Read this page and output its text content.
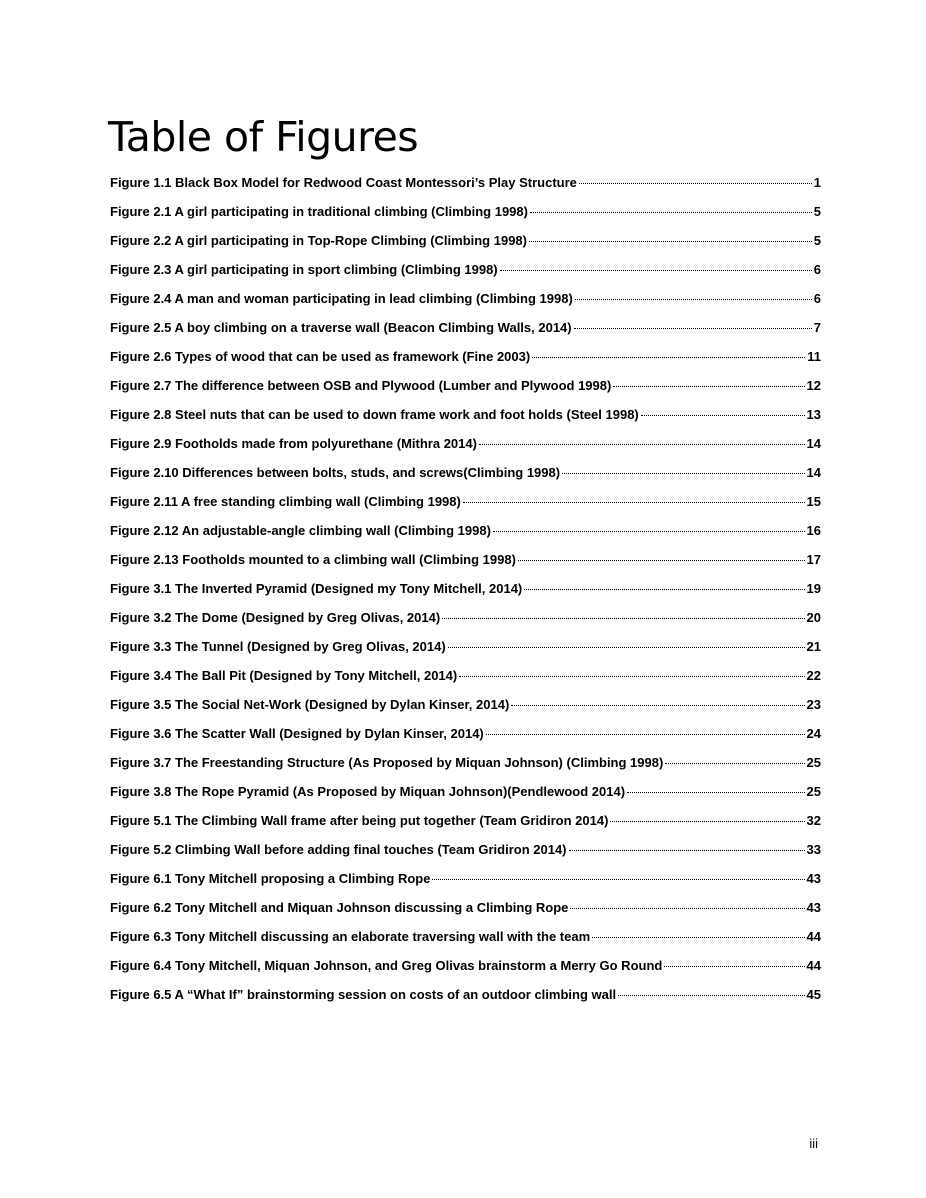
Table of Figures
Figure 1.1 Black Box Model for Redwood Coast Montessori’s Play Structure	1
Figure 2.1 A girl participating in traditional climbing (Climbing 1998)	5
Figure 2.2 A girl participating in Top-Rope Climbing (Climbing 1998)	5
Figure 2.3 A girl participating in sport climbing (Climbing 1998)	6
Figure 2.4 A man and woman participating in lead climbing (Climbing 1998)	6
Figure 2.5 A boy climbing on a traverse wall (Beacon Climbing Walls, 2014)	7
Figure 2.6 Types of wood that can be used as framework (Fine 2003)	11
Figure 2.7 The difference between OSB and Plywood (Lumber and Plywood 1998)	12
Figure 2.8 Steel nuts that can be used to down frame work and foot holds (Steel 1998)	13
Figure 2.9 Footholds made from polyurethane (Mithra 2014)	14
Figure 2.10 Differences between bolts, studs, and screws(Climbing 1998)	14
Figure 2.11 A free standing climbing wall (Climbing 1998)	15
Figure 2.12 An adjustable-angle climbing wall (Climbing 1998)	16
Figure 2.13 Footholds mounted to a climbing wall (Climbing 1998)	17
Figure 3.1 The Inverted Pyramid (Designed my Tony Mitchell, 2014)	19
Figure 3.2 The Dome (Designed by Greg Olivas, 2014)	20
Figure 3.3 The Tunnel (Designed by Greg Olivas, 2014)	21
Figure 3.4 The Ball Pit (Designed by Tony Mitchell, 2014)	22
Figure 3.5 The Social Net-Work (Designed by Dylan Kinser, 2014)	23
Figure 3.6 The Scatter Wall (Designed by Dylan Kinser, 2014)	24
Figure 3.7 The Freestanding Structure (As Proposed by Miquan Johnson) (Climbing 1998)	25
Figure 3.8 The Rope Pyramid (As Proposed by Miquan Johnson)(Pendlewood 2014)	25
Figure 5.1 The Climbing Wall frame after being put together (Team Gridiron 2014)	32
Figure 5.2 Climbing Wall before adding final touches (Team Gridiron 2014)	33
Figure 6.1 Tony Mitchell proposing a Climbing Rope	43
Figure 6.2 Tony Mitchell and Miquan Johnson discussing a Climbing Rope	43
Figure 6.3 Tony Mitchell discussing an elaborate traversing wall with the team	44
Figure 6.4 Tony Mitchell, Miquan Johnson, and Greg Olivas brainstorm a Merry Go Round	44
Figure 6.5 A “What If” brainstorming session on costs of an outdoor climbing wall	45
iii
